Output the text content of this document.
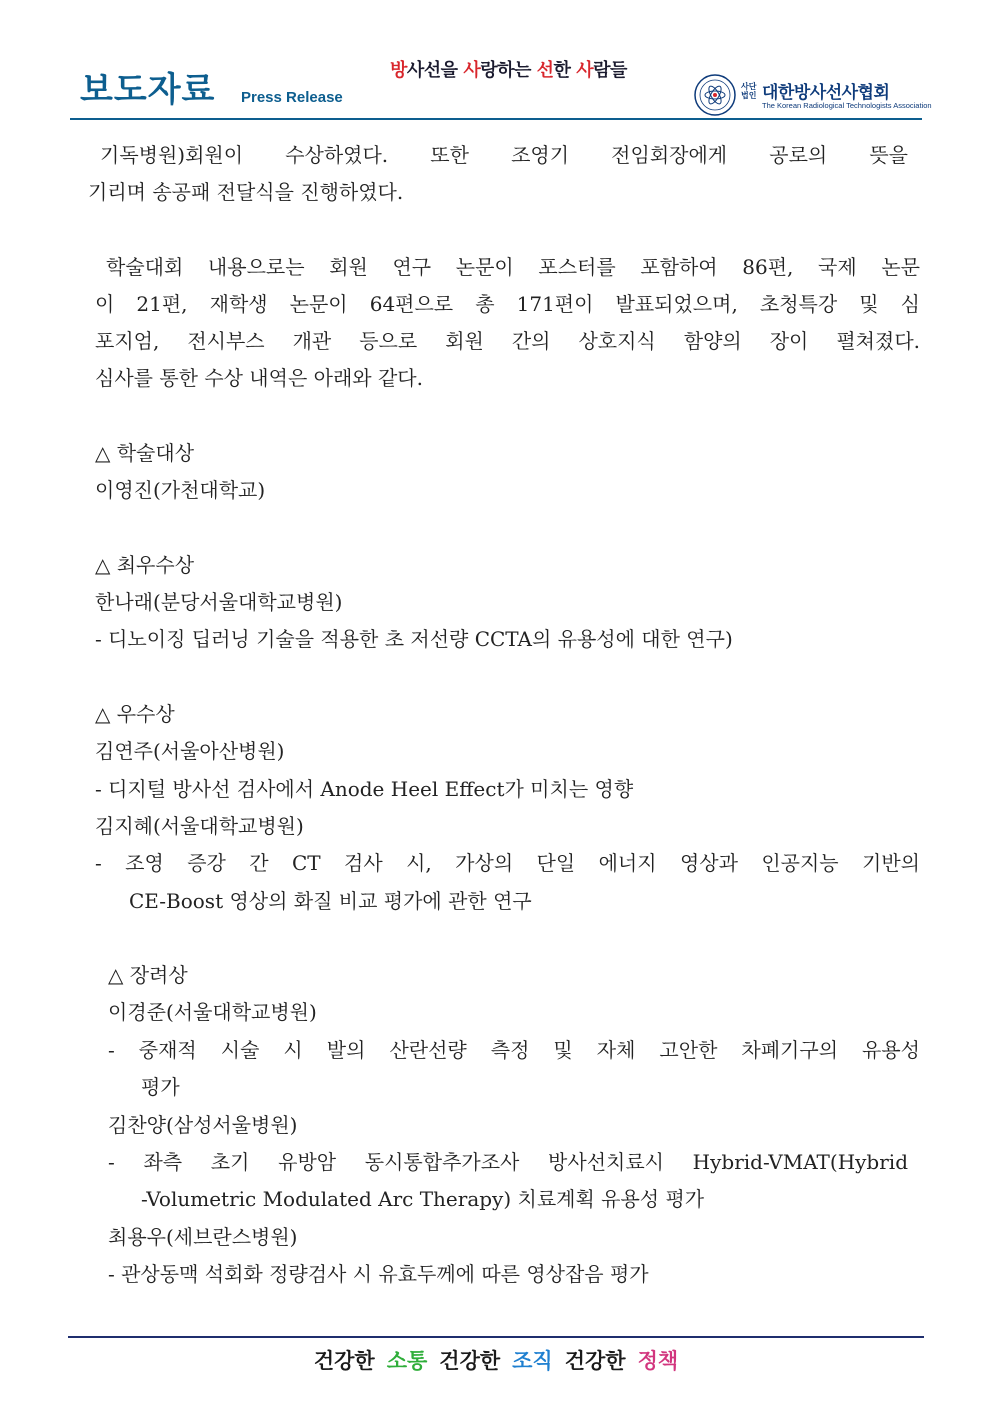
보도자료 Press Release
방사선을 사랑하는 선한 사람들
사단법인 대한방사선사협회
The Korean Radiological Technologists Association
기독병원)회원이 수상하였다. 또한 조영기 전임회장에게 공로의 뜻을
기리며 송공패 전달식을 진행하였다.
학술대회 내용으로는 회원 연구 논문이 포스터를 포함하여 86편, 국제 논문
이 21편, 재학생 논문이 64편으로 총 171편이 발표되었으며, 초청특강 및 심
포지엄, 전시부스 개관 등으로 회원 간의 상호지식 함양의 장이 펼쳐졌다.
심사를 통한 수상 내역은 아래와 같다.
△ 학술대상
이영진(가천대학교)
△ 최우수상
한나래(분당서울대학교병원)
- 디노이징 딥러닝 기술을 적용한 초 저선량 CCTA의 유용성에 대한 연구)
△ 우수상
김연주(서울아산병원)
- 디지털 방사선 검사에서 Anode Heel Effect가 미치는 영향
김지혜(서울대학교병원)
- 조영 증강 간 CT 검사 시, 가상의 단일 에너지 영상과 인공지능 기반의
CE-Boost 영상의 화질 비교 평가에 관한 연구
△ 장려상
이경준(서울대학교병원)
- 중재적 시술 시 발의 산란선량 측정 및 자체 고안한 차폐기구의 유용성
평가
김찬양(삼성서울병원)
- 좌측 초기 유방암 동시통합추가조사 방사선치료시 Hybrid-VMAT(Hybrid
-Volumetric Modulated Arc Therapy) 치료계획 유용성 평가
최용우(세브란스병원)
- 관상동맥 석회화 정량검사 시 유효두께에 따른 영상잡음 평가
건강한 소통 건강한 조직 건강한 정책
